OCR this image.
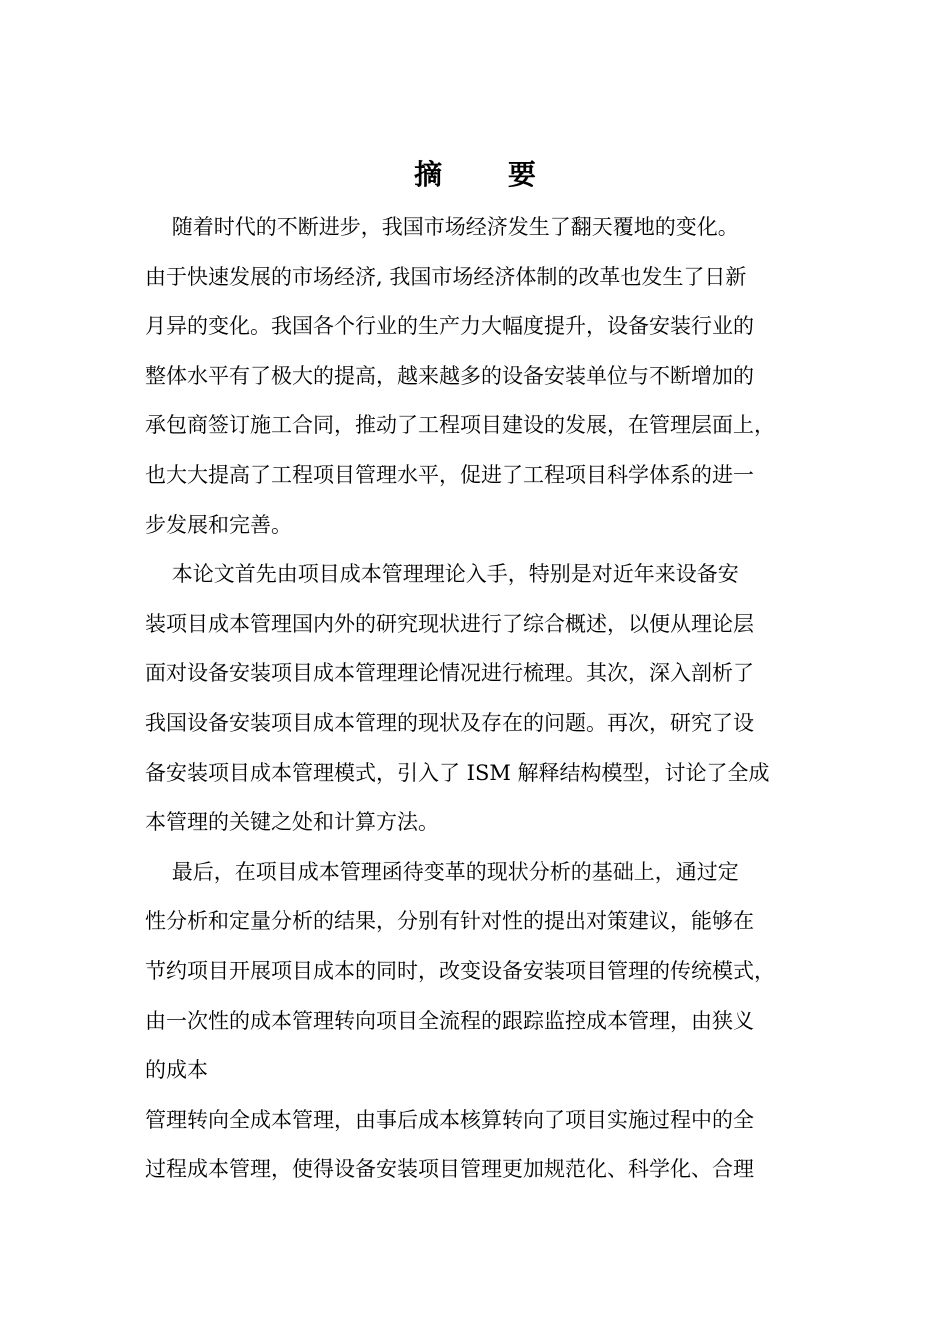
摘 要
随着时代的不断进步，我国市场经济发生了翻天覆地的变化。
由于快速发展的市场经济, 我国市场经济体制的改革也发生了日新
月异的变化。我国各个行业的生产力大幅度提升，设备安装行业的
整体水平有了极大的提高，越来越多的设备安装单位与不断增加的
承包商签订施工合同，推动了工程项目建设的发展，在管理层面上，
也大大提高了工程项目管理水平，促进了工程项目科学体系的进一
步发展和完善。
本论文首先由项目成本管理理论入手，特别是对近年来设备安
装项目成本管理国内外的研究现状进行了综合概述，以便从理论层
面对设备安装项目成本管理理论情况进行梳理。其次，深入剖析了
我国设备安装项目成本管理的现状及存在的问题。再次，研究了设
备安装项目成本管理模式，引入了 ISM 解释结构模型，讨论了全成
本管理的关键之处和计算方法。
最后，在项目成本管理函待变革的现状分析的基础上，通过定
性分析和定量分析的结果，分别有针对性的提出对策建议，能够在
节约项目开展项目成本的同时，改变设备安装项目管理的传统模式，
由一次性的成本管理转向项目全流程的跟踪监控成本管理，由狭义
的成本
管理转向全成本管理，由事后成本核算转向了项目实施过程中的全
过程成本管理，使得设备安装项目管理更加规范化、科学化、合理
